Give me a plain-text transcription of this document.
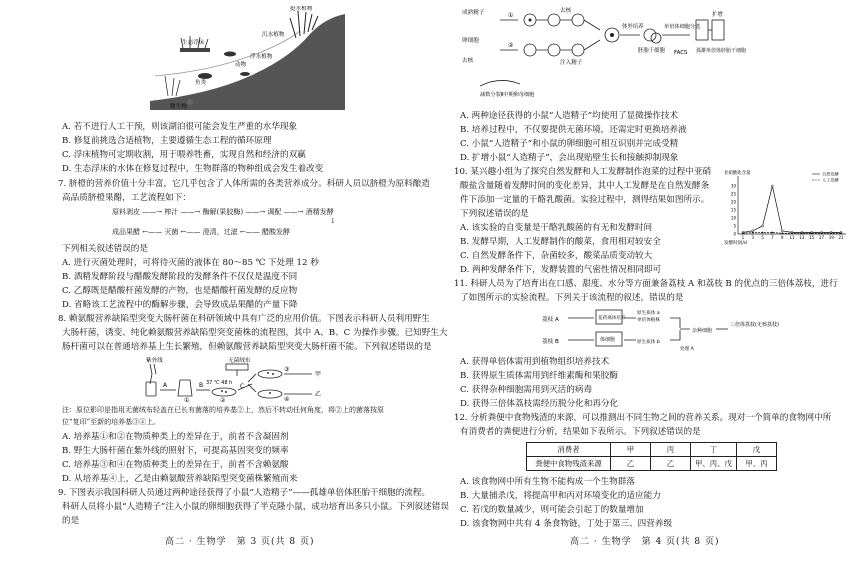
生态浮床
挺水植物
浮水植物
沉水植物
鱼类
动物
微生物
A. 若不进行人工干预，则该湖泊很可能会发生严重的水华现象
B. 修复前挑选合适植物，主要遵循生态工程的循环原理
C. 浮床植物可定期收割，用于喂养牲畜，实现自然和经济的双赢
D. 生态浮床的水体在修复过程中，生物群落的物种组成会发生着改变
7. 脐橙的营养价值十分丰富，它几乎包含了人体所需的各类营养成分。科研人员以脐橙为原料酿造
高品质脐橙果醋，工艺流程如下：
原料剥皮 ——→ 榨汁 ——→ 酶解(果胶酶) ——→ 调配 ——→ 酒精发酵
↓
成品果醋 ←—— 灭菌 ←—— 澄清，过滤 ←—— 醋酸发酵
下列相关叙述错误的是
A. 进行灭菌处理时，可将待灭菌的液体在 80～85 ℃ 下处理 12 秒
B. 酒精发酵阶段与醋酸发酵阶段的发酵条件不仅仅是温度不同
C. 乙醇既是醋酸杆菌发酵的产物，也是醋酸杆菌发酵的反应物
D. 省略该工艺流程中的酶解步骤，会导致成品果醋的产量下降
8. 赖氨酸营养缺陷型突变大肠杆菌在科研领域中具有广泛的应用价值。下图表示科研人员利用野生
大肠杆菌，诱变、纯化赖氨酸营养缺陷型突变菌株的流程图，其中 A、B、C 为操作步骤。已知野生大
肠杆菌可以在普通培养基上生长繁殖，但赖氨酸营养缺陷型突变大肠杆菌不能。下列叙述错误的是
紫外线
A	B	C
无菌绒布
37 ℃ 48 h
①	②
③
④
甲
乙
注：原位影印是指用无菌绒布轻盖在已长有菌落的培养基②上，然后不转动任何角度，将②上的菌落按原
位“复印”至新的培养基③④上。
A. 培养基①和②在物质种类上的差异在于，前者不含凝固剂
B. 野生大肠杆菌在紫外线的照射下，可提高基因突变的频率
C. 培养基③和④在物质种类上的差异在于，前者不含赖氨酸
D. 从培养基④上，乙是由赖氨酸营养缺陷型突变菌株繁殖而来
9. 下图表示我国科研人员通过两种途径获得了小鼠“人造精子”——孤雄单倍体胚胎干细胞的流程。
科研人员将小鼠“人造精子”注入小鼠的卵细胞获得了半克隆小鼠，成功培育出多只小鼠。下列叙述错误
的是
高二 · 生物学　第 3 页(共 8 页)
成熟精子
卵细胞
去核
去核
注入精子
减数分裂Ⅱ中期卵母细胞
体外培养
胚胎干细胞
单倍体细胞分选
FACS
扩增
孤雄单倍体胚胎干细胞
①
②
A. 两种途径获得的小鼠“人造精子”均使用了显微操作技术
B. 培养过程中，不仅要提供无菌环境，还需定时更换培养液
C. 小鼠“人造精子”和小鼠的卵细胞可相互识别并完成受精
D. 扩增小鼠“人造精子”，会出现贴壁生长和接触抑制现象
10. 某兴趣小组为了探究自然发酵和人工发酵制作泡菜的过程中亚硝
酸盐含量随着发酵时间的变化差异，其中人工发酵是在自然发酵条
件下添加一定量的干酪乳酸菌。实验过程中，测得结果如图所示。
下列叙述错误的是
30
25
20
15
10
5
0
1 3 5 7 9 11 13 15 17 19 21
自然发酵
人工发酵
发酵时间/d
亚硝酸盐含量
A. 该实验的自变量是干酪乳酸菌的有无和发酵时间
B. 发酵早期，人工发酵制作的酸菜，食用相对较安全
C. 自然发酵条件下，杂菌较多，酸菜品质变动较大
D. 两种发酵条件下，发酵装置的气密性情况相同即可
11. 科研人员为了培育出在口感、甜度、水分等方面兼备荔枝 A 和荔枝 B 的优点的三倍体荔枝，进行
了如图所示的实验流程。下列关于该流程的叙述，错误的是
荔枝 A
荔枝 B
花药离体培养
体细胞
单倍体植株
原生质体 b
原生质体 a
杂种细胞
三倍体荔枝(无核荔枝)
处理 A
A. 获得单倍体需用到植物组织培养技术
B. 获得原生质体需用到纤维素酶和果胶酶
C. 获得杂种细胞需用到灭活的病毒
D. 获得三倍体荔枝需经历脱分化和再分化
12. 分析粪便中食物残渣的来源，可以推测出不同生物之间的营养关系。现对一个简单的食物网中所
有消费者的粪便进行分析，结果如下表所示。下列叙述错误的是
消费者	甲	丙	丁	戊
粪便中食物残渣来源	乙	乙	甲、丙、戊	甲、丙
A. 该食物网中所有生物不能构成一个生物群落
B. 大量捕杀戊，将提高甲和丙对环境变化的适应能力
C. 若戊的数量减少，则可能会引起丁的数量增加
D. 该食物网中共有 4 条食物链，丁处于第三、四营养级
高二 · 生物学　第 4 页(共 8 页)
